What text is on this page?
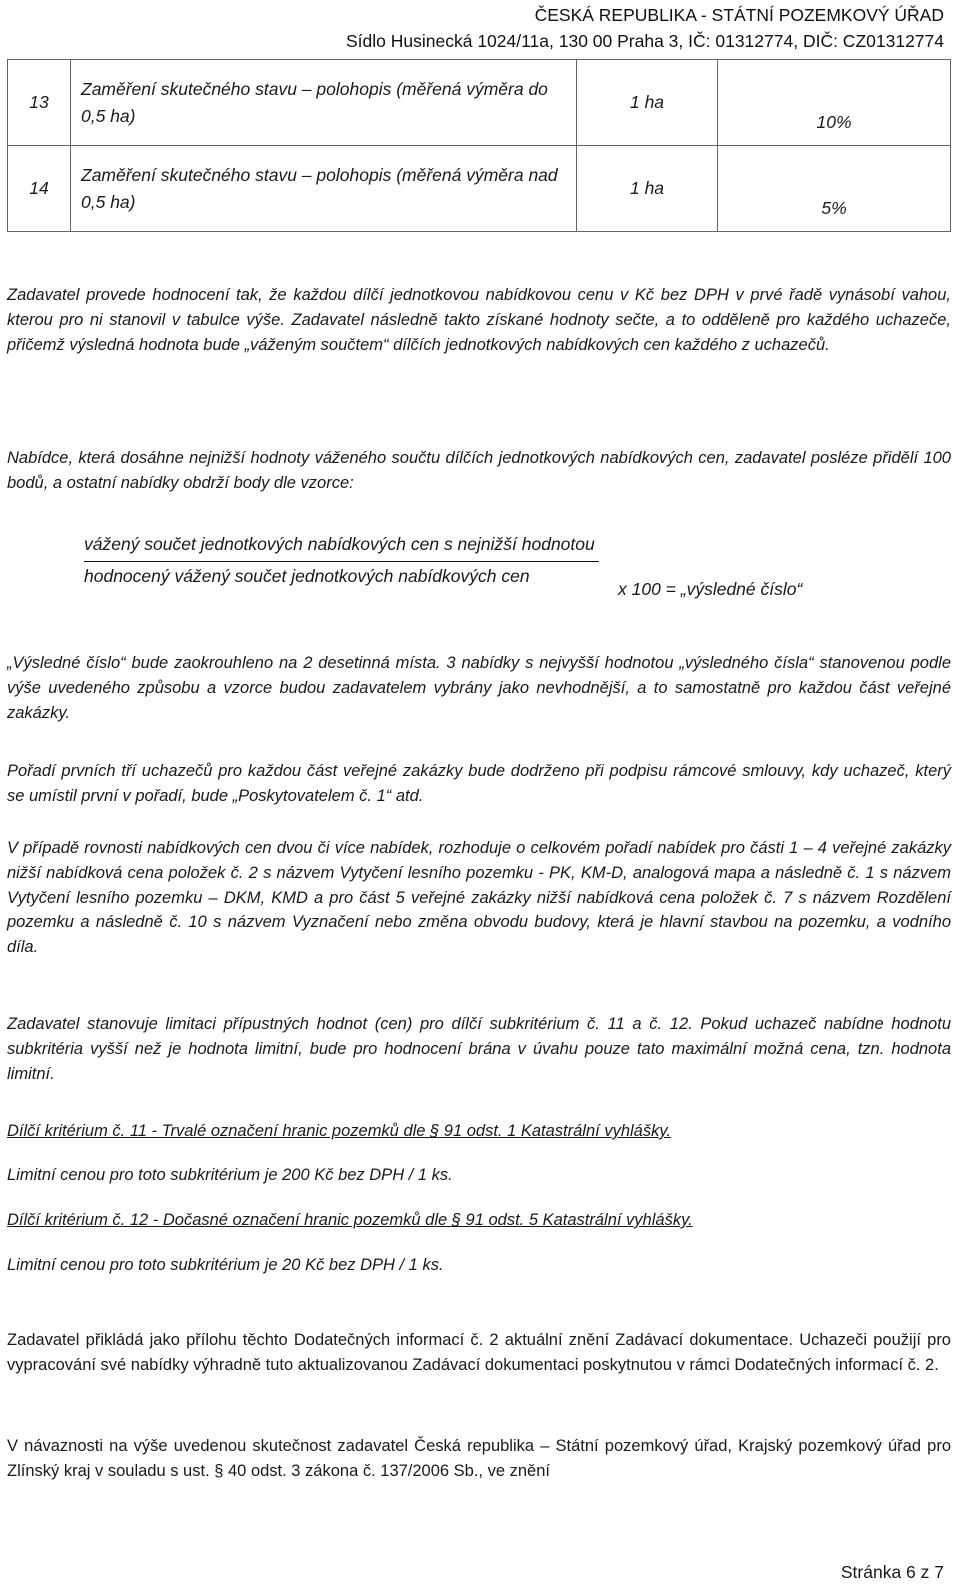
ČESKÁ REPUBLIKA - STÁTNÍ POZEMKOVÝ ÚŘAD
Sídlo Husinecká 1024/11a, 130 00 Praha 3, IČ: 01312774, DIČ: CZ01312774
13	Zaměření skutečného stavu – polohopis (měřená výměra do 0,5 ha)	1 ha	10%
14	Zaměření skutečného stavu – polohopis (měřená výměra nad 0,5 ha)	1 ha	5%

Zadavatel provede hodnocení tak, že každou dílčí jednotkovou nabídkovou cenu v Kč bez DPH v prvé řadě vynásobí vahou, kterou pro ni stanovil v tabulce výše. Zadavatel následně takto získané hodnoty sečte, a to odděleně pro každého uchazeče, přičemž výsledná hodnota bude „váženým součtem“ dílčích jednotkových nabídkových cen každého z uchazečů.

Nabídce, která dosáhne nejnižší hodnoty váženého součtu dílčích jednotkových nabídkových cen, zadavatel posléze přidělí 100 bodů, a ostatní nabídky obdrží body dle vzorce:

vážený součet jednotkových nabídkových cen s nejnižší hodnotou
hodnocený vážený součet jednotkových nabídkových cen
x 100 = „výsledné číslo“

„Výsledné číslo“ bude zaokrouhleno na 2 desetinná místa. 3 nabídky s nejvyšší hodnotou „výsledného čísla“ stanovenou podle výše uvedeného způsobu a vzorce budou zadavatelem vybrány jako nevhodnější, a to samostatně pro každou část veřejné zakázky.

Pořadí prvních tří uchazečů pro každou část veřejné zakázky bude dodrženo při podpisu rámcové smlouvy, kdy uchazeč, který se umístil první v pořadí, bude „Poskytovatelem č. 1“ atd.

V případě rovnosti nabídkových cen dvou či více nabídek, rozhoduje o celkovém pořadí nabídek pro části 1 – 4 veřejné zakázky nižší nabídková cena položek č. 2 s názvem Vytyčení lesního pozemku - PK, KM-D, analogová mapa a následně č. 1 s názvem Vytyčení lesního pozemku – DKM, KMD a pro část 5 veřejné zakázky nižší nabídková cena položek č. 7 s názvem Rozdělení pozemku a následně č. 10 s názvem Vyznačení nebo změna obvodu budovy, která je hlavní stavbou na pozemku, a vodního díla.

Zadavatel stanovuje limitaci přípustných hodnot (cen) pro dílčí subkritérium č. 11 a č. 12. Pokud uchazeč nabídne hodnotu subkritéria vyšší než je hodnota limitní, bude pro hodnocení brána v úvahu pouze tato maximální možná cena, tzn. hodnota limitní.

Dílčí kritérium č. 11 - Trvalé označení hranic pozemků dle § 91 odst. 1 Katastrální vyhlášky.

Limitní cenou pro toto subkritérium je 200 Kč bez DPH / 1 ks.

Dílčí kritérium č. 12 - Dočasné označení hranic pozemků dle § 91 odst. 5 Katastrální vyhlášky.

Limitní cenou pro toto subkritérium je 20 Kč bez DPH / 1 ks.

Zadavatel přikládá jako přílohu těchto Dodatečných informací č. 2 aktuální znění Zadávací dokumentace. Uchazeči použijí pro vypracování své nabídky výhradně tuto aktualizovanou Zadávací dokumentaci poskytnutou v rámci Dodatečných informací č. 2.

V návaznosti na výše uvedenou skutečnost zadavatel Česká republika – Státní pozemkový úřad, Krajský pozemkový úřad pro Zlínský kraj v souladu s ust. § 40 odst. 3 zákona č. 137/2006 Sb., ve znění

Stránka 6 z 7
